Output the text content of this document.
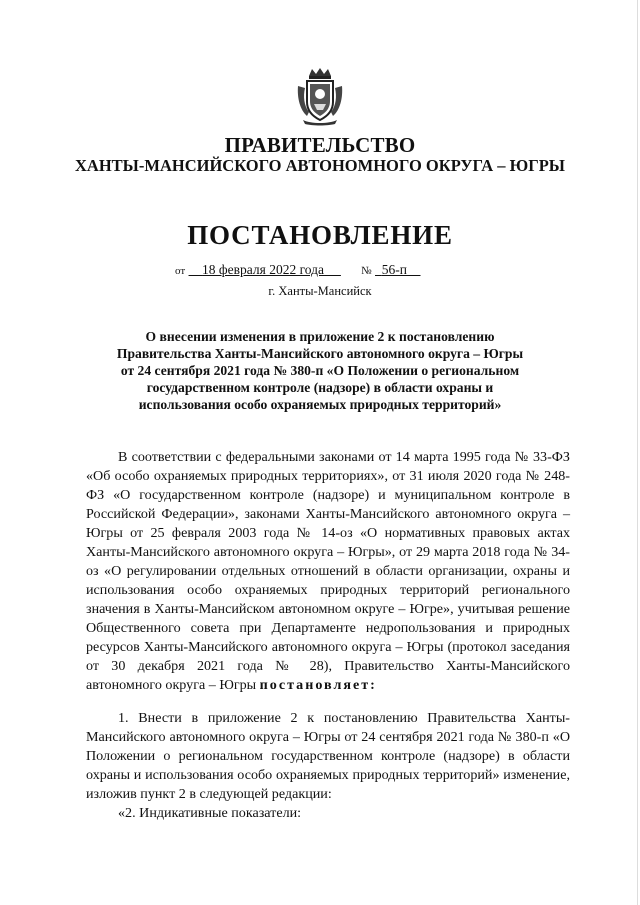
ПРАВИТЕЛЬСТВО
ХАНТЫ-МАНСИЙСКОГО АВТОНОМНОГО ОКРУГА – ЮГРЫ
ПОСТАНОВЛЕНИЕ
от 18 февраля 2022 года	№ 56-п
г. Ханты-Мансийск
О внесении изменения в приложение 2 к постановлению
Правительства Ханты-Мансийского автономного округа – Югры
от 24 сентября 2021 года № 380-п «О Положении о региональном
государственном контроле (надзоре) в области охраны и
использования особо охраняемых природных территорий»

В соответствии с федеральными законами от 14 марта 1995 года № 33-ФЗ «Об особо охраняемых природных территориях», от 31 июля 2020 года № 248-ФЗ «О государственном контроле (надзоре) и муниципальном контроле в Российской Федерации», законами Ханты-Мансийского автономного округа – Югры от 25 февраля 2003 года № 14-оз «О нормативных правовых актах Ханты-Мансийского автономного округа – Югры», от 29 марта 2018 года № 34-оз «О регулировании отдельных отношений в области организации, охраны и использования особо охраняемых природных территорий регионального значения в Ханты-Мансийском автономном округе – Югре», учитывая решение Общественного совета при Департаменте недропользования и природных ресурсов Ханты-Мансийского автономного округа – Югры (протокол заседания от 30 декабря 2021 года № 28), Правительство Ханты-Мансийского автономного округа – Югры постановляет:

1. Внести в приложение 2 к постановлению Правительства Ханты-Мансийского автономного округа – Югры от 24 сентября 2021 года № 380-п «О Положении о региональном государственном контроле (надзоре) в области охраны и использования особо охраняемых природных территорий» изменение, изложив пункт 2 в следующей редакции:

«2. Индикативные показатели:
